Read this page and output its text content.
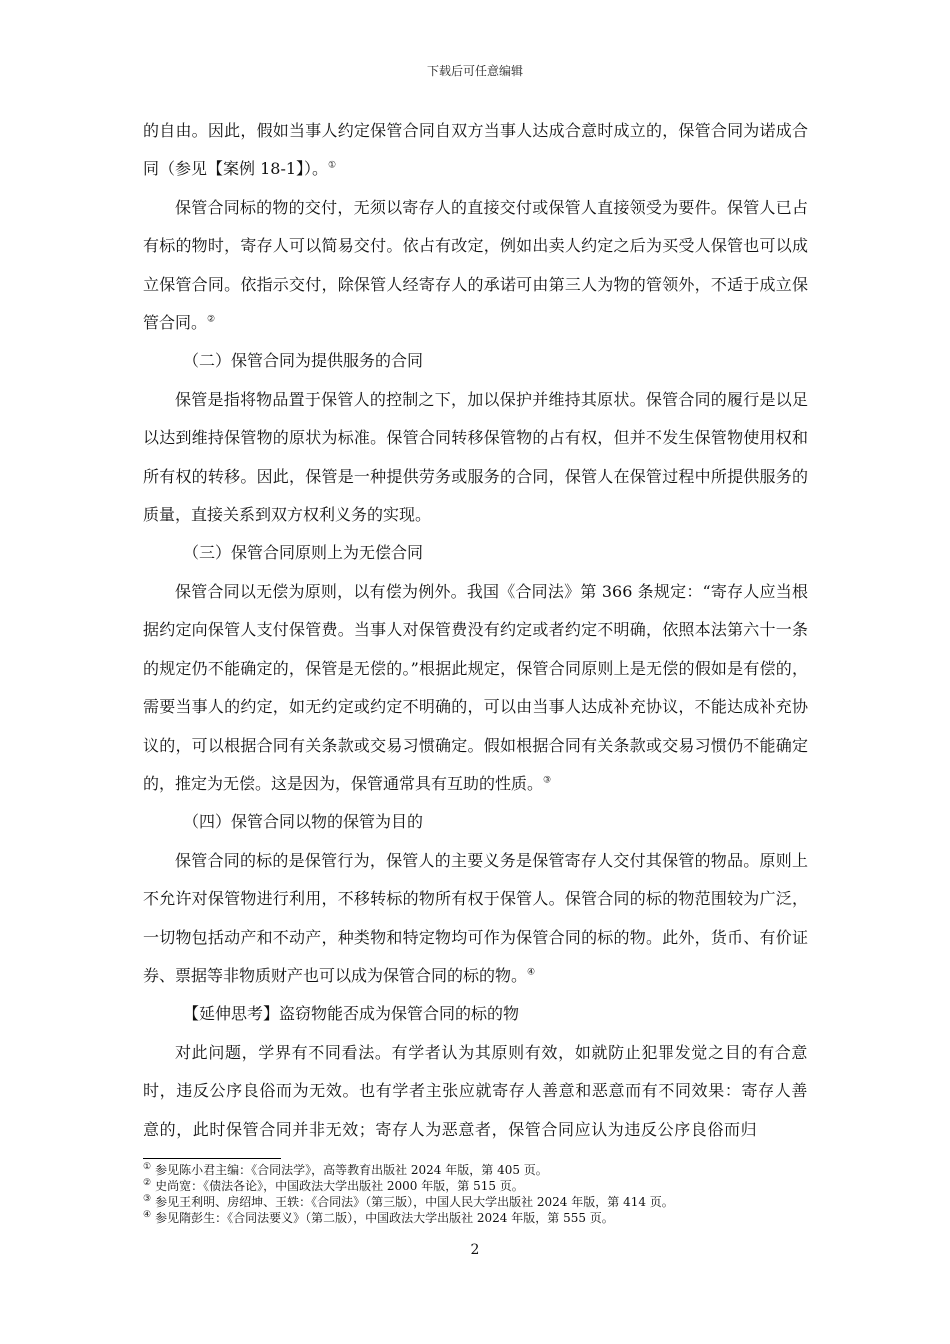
下载后可任意编辑

的自由。因此，假如当事人约定保管合同自双方当事人达成合意时成立的，保管合同为诺成合同（参见【案例 18-1】）。①

保管合同标的物的交付，无须以寄存人的直接交付或保管人直接领受为要件。保管人已占有标的物时，寄存人可以简易交付。依占有改定，例如出卖人约定之后为买受人保管也可以成立保管合同。依指示交付，除保管人经寄存人的承诺可由第三人为物的管领外，不适于成立保管合同。②

（二）保管合同为提供服务的合同

保管是指将物品置于保管人的控制之下，加以保护并维持其原状。保管合同的履行是以足以达到维持保管物的原状为标准。保管合同转移保管物的占有权，但并不发生保管物使用权和所有权的转移。因此，保管是一种提供劳务或服务的合同，保管人在保管过程中所提供服务的质量，直接关系到双方权利义务的实现。

（三）保管合同原则上为无偿合同

保管合同以无偿为原则，以有偿为例外。我国《合同法》第 366 条规定：“寄存人应当根据约定向保管人支付保管费。当事人对保管费没有约定或者约定不明确，依照本法第六十一条的规定仍不能确定的，保管是无偿的。”根据此规定，保管合同原则上是无偿的假如是有偿的，需要当事人的约定，如无约定或约定不明确的，可以由当事人达成补充协议，不能达成补充协议的，可以根据合同有关条款或交易习惯确定。假如根据合同有关条款或交易习惯仍不能确定的，推定为无偿。这是因为，保管通常具有互助的性质。③

（四）保管合同以物的保管为目的

保管合同的标的是保管行为，保管人的主要义务是保管寄存人交付其保管的物品。原则上不允许对保管物进行利用，不移转标的物所有权于保管人。保管合同的标的物范围较为广泛，一切物包括动产和不动产，种类物和特定物均可作为保管合同的标的物。此外，货币、有价证券、票据等非物质财产也可以成为保管合同的标的物。④

【延伸思考】盗窃物能否成为保管合同的标的物

对此问题，学界有不同看法。有学者认为其原则有效，如就防止犯罪发觉之目的有合意时，违反公序良俗而为无效。也有学者主张应就寄存人善意和恶意而有不同效果：寄存人善意的，此时保管合同并非无效；寄存人为恶意者，保管合同应认为违反公序良俗而归

① 参见陈小君主编：《合同法学》，高等教育出版社 2024 年版，第 405 页。

② 史尚宽：《债法各论》，中国政法大学出版社 2000 年版，第 515 页。

③ 参见王利明、房绍坤、王轶：《合同法》（第三版），中国人民大学出版社 2024 年版，第 414 页。

④ 参见隋彭生：《合同法要义》（第二版），中国政法大学出版社 2024 年版，第 555 页。

2
